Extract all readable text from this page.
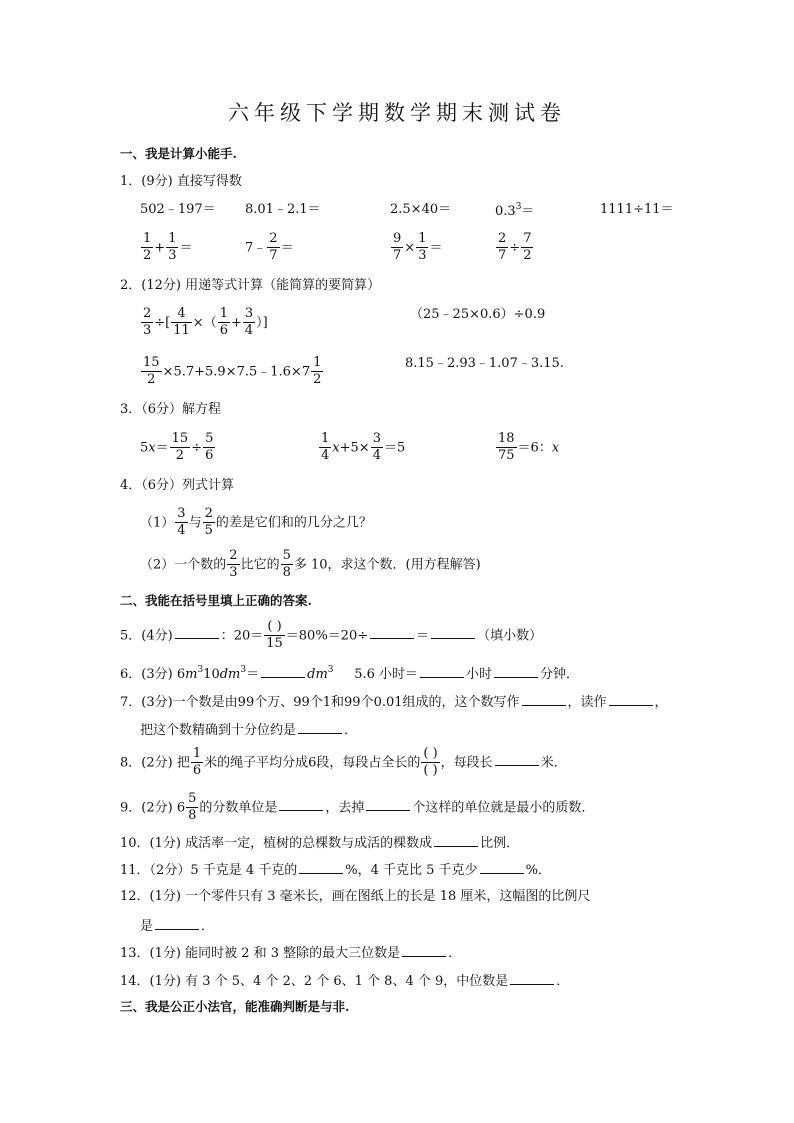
六年级下学期数学期末测试卷
一、我是计算小能手.
1．(9分) 直接写得数
502﹣197＝ 8.01﹣2.1＝	2.5×40＝	$0.3^3=$	1111÷11＝
$\frac{1}{2} + \frac{1}{3}$ ＝	7﹣ $\frac{2}{7}$ ＝	$\frac{9}{7} \times \frac{1}{3}$ ＝	$\frac{2}{7} \div \frac{7}{2}$
2．(12分) 用递等式计算（能简算的要简算）
$\frac{2}{3}$ ÷[ $\frac{4}{11}$ ×（ $\frac{1}{6} + \frac{3}{4}$ ）]
（25﹣25×0.6）÷0.9
$\frac{15}{2}$ ×5.7+5.9×7.5﹣1.6×7 $\frac{1}{2}$	8.15﹣2.93﹣1.07﹣3.15.
3．（6分）解方程
$5x= \frac{15}{2} \div \frac{5}{6}$	$\frac{1}{4} x+5\times \frac{3}{4} =5$	$\frac{18}{75} =6$：x
4．（6分）列式计算
$(1) \frac{3}{4}$ 与 $\frac{2}{5}$ 的差是它们和的几分之几？
（2）一个数的 $\frac{2}{3}$ 比它的 $\frac{5}{8}$ 多 10，求这个数．(用方程解答)
二、我能在括号里填上正确的答案.
5．(4分)	：$20= \frac{( )}{15} =80\%=20\div$	＝	（填小数）
6．(3分) $6m^310dm^3=$	$dm^3$ 5.6 小时＝	小时	分钟．
7．(3分)一个数是由99个万、99个1和99个0.01组成的，这个数写作	，读作	，
把这个数精确到十分位约是	．
8．(2分) 把 $\frac{1}{6}$ 米的绳子平均分成6段，每段占全长的 $\frac{( )}{( )}$ ，每段长	米．
9．(2分) $6 \frac{5}{8}$ 的分数单位是	，去掉	个这样的单位就是最小的质数．
10．(1分) 成活率一定，植树的总棵数与成活的棵数成	比例．
11．（2分）5 千克是 4 千克的	%，4 千克比 5 千克少	%．
12．(1分) 一个零件只有 3 毫米长，画在图纸上的长是 18 厘米，这幅图的比例尺
是	．
13．(1分) 能同时被 2 和 3 整除的最大三位数是	．
14．(1分) 有 3 个 5、4 个 2、2 个 6、1 个 8、4 个 9，中位数是	．
三、我是公正小法官，能准确判断是与非.
